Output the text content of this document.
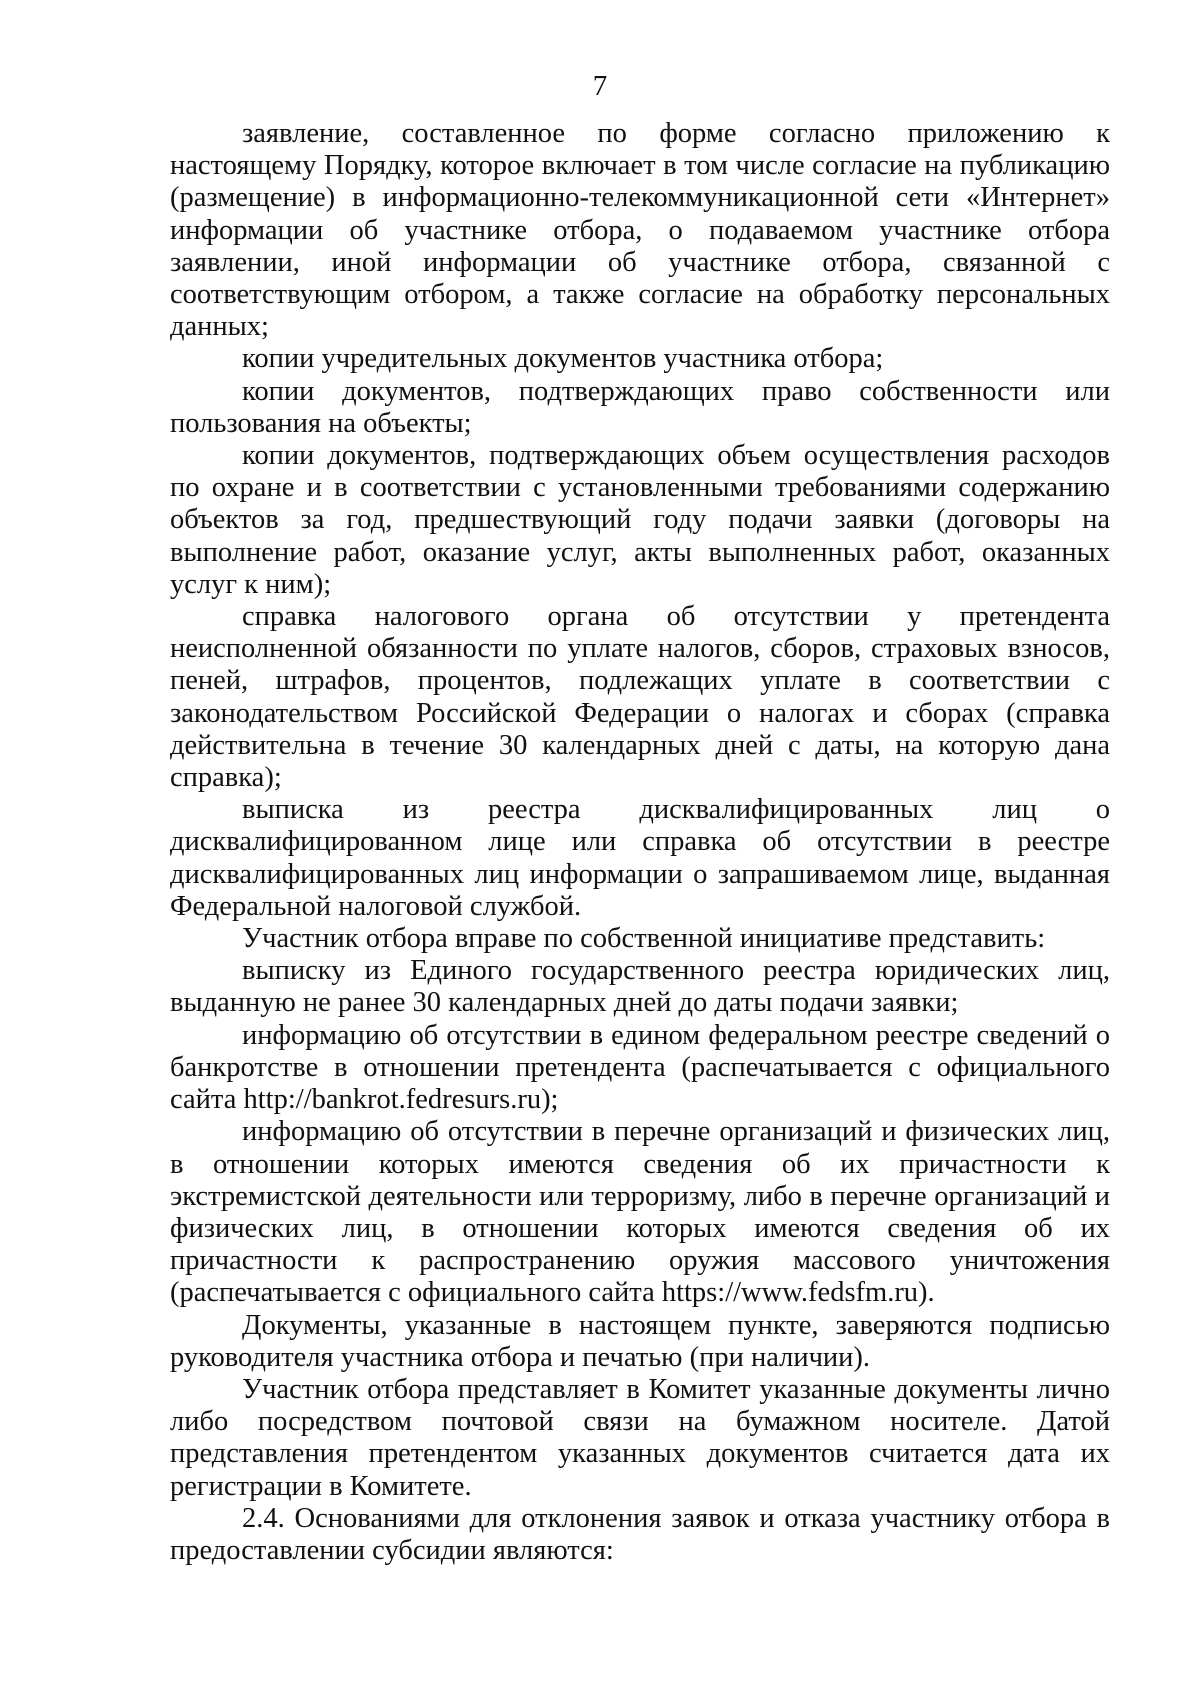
7

заявление, составленное по форме согласно приложению к настоящему Порядку, которое включает в том числе согласие на публикацию (размещение) в информационно-телекоммуникационной сети «Интернет» информации об участнике отбора, о подаваемом участнике отбора заявлении, иной информации об участнике отбора, связанной с соответствующим отбором, а также согласие на обработку персональных данных;

копии учредительных документов участника отбора;

копии документов, подтверждающих право собственности или пользования на объекты;

копии документов, подтверждающих объем осуществления расходов по охране и в соответствии с установленными требованиями содержанию объектов за год, предшествующий году подачи заявки (договоры на выполнение работ, оказание услуг, акты выполненных работ, оказанных услуг к ним);

справка налогового органа об отсутствии у претендента неисполненной обязанности по уплате налогов, сборов, страховых взносов, пеней, штрафов, процентов, подлежащих уплате в соответствии с законодательством Российской Федерации о налогах и сборах (справка действительна в течение 30 календарных дней с даты, на которую дана справка);

выписка из реестра дисквалифицированных лиц о дисквалифицированном лице или справка об отсутствии в реестре дисквалифицированных лиц информации о запрашиваемом лице, выданная Федеральной налоговой службой.

Участник отбора вправе по собственной инициативе представить:

выписку из Единого государственного реестра юридических лиц, выданную не ранее 30 календарных дней до даты подачи заявки;

информацию об отсутствии в едином федеральном реестре сведений о банкротстве в отношении претендента (распечатывается с официального сайта http://bankrot.fedresurs.ru);

информацию об отсутствии в перечне организаций и физических лиц, в отношении которых имеются сведения об их причастности к экстремистской деятельности или терроризму, либо в перечне организаций и физических лиц, в отношении которых имеются сведения об их причастности к распространению оружия массового уничтожения (распечатывается с официального сайта https://www.fedsfm.ru).

Документы, указанные в настоящем пункте, заверяются подписью руководителя участника отбора и печатью (при наличии).

Участник отбора представляет в Комитет указанные документы лично либо посредством почтовой связи на бумажном носителе. Датой представления претендентом указанных документов считается дата их регистрации в Комитете.

2.4. Основаниями для отклонения заявок и отказа участнику отбора в предоставлении субсидии являются:
